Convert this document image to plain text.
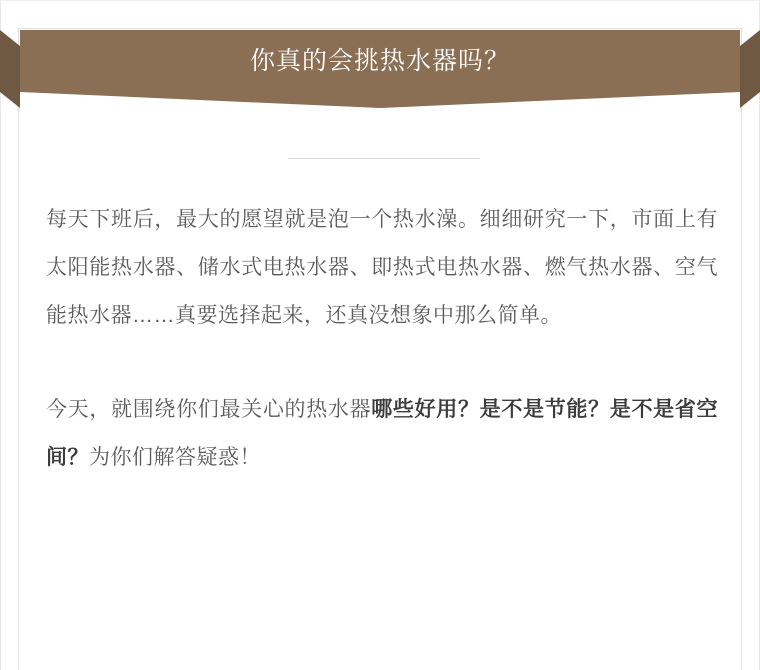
你真的会挑热水器吗？
每天下班后，最大的愿望就是泡一个热水澡。细细研究一下，市面上有太阳能热水器、储水式电热水器、即热式电热水器、燃气热水器、空气能热水器……真要选择起来，还真没想象中那么简单。
今天，就围绕你们最关心的热水器哪些好用？是不是节能？是不是省空间？为你们解答疑惑！
